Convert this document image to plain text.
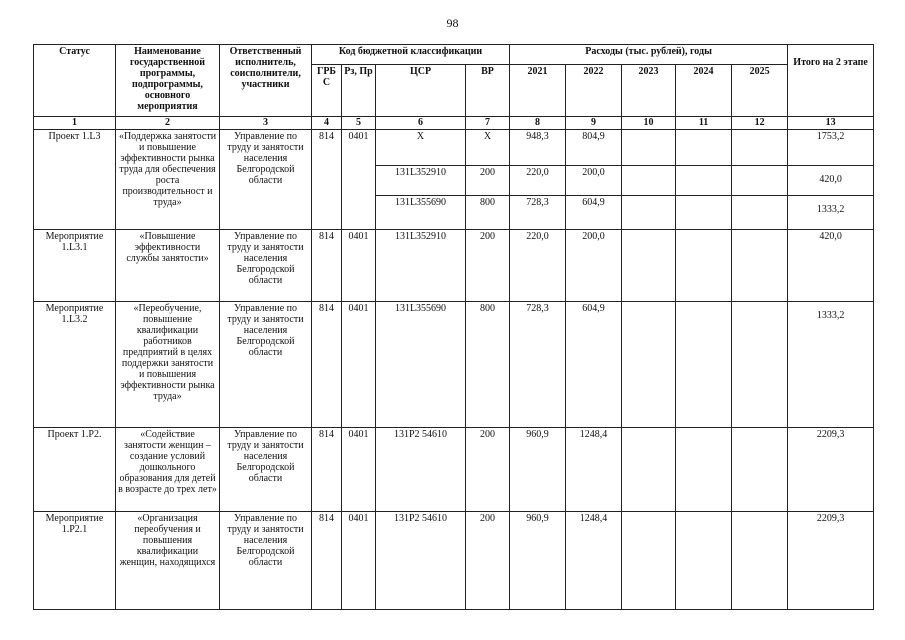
98
Статус	Наименование государственной программы, подпрограммы, основного мероприятия	Ответственный исполнитель, соисполнители, участники	Код бюджетной классификации				Расходы (тыс. рублей), годы					Итого на 2 этапе
			ГРБ С	Рз, Пр	ЦСР	ВР	2021	2022	2023	2024	2025	
1	2	3	4	5	6	7	8	9	10	11	12	13
Проект 1.L3	«Поддержка занятости и повышение эффективности рынка труда для обеспечения роста производительност и труда»	Управление по труду и занятости населения Белгородской области	814	0401	Х	Х	948,3	804,9				1753,2
					131L352910	200	220,0	200,0				420,0
					131L355690	800	728,3	604,9				1333,2
Мероприятие 1.L3.1	«Повышение эффективности службы занятости»	Управление по труду и занятости населения Белгородской области	814	0401	131L352910	200	220,0	200,0				420,0
Мероприятие 1.L3.2	«Переобучение, повышение квалификации работников предприятий в целях поддержки занятости и повышения эффективности рынка труда»	Управление по труду и занятости населения Белгородской области	814	0401	131L355690	800	728,3	604,9				1333,2
Проект 1.P2.	«Содействие занятости женщин – создание условий дошкольного образования для детей в возрасте до трех лет»	Управление по труду и занятости населения Белгородской области	814	0401	131P2 54610	200	960,9	1248,4				2209,3
Мероприятие 1.P2.1	«Организация переобучения и повышения квалификации женщин, находящихся	Управление по труду и занятости населения Белгородской области	814	0401	131P2 54610	200	960,9	1248,4				2209,3
